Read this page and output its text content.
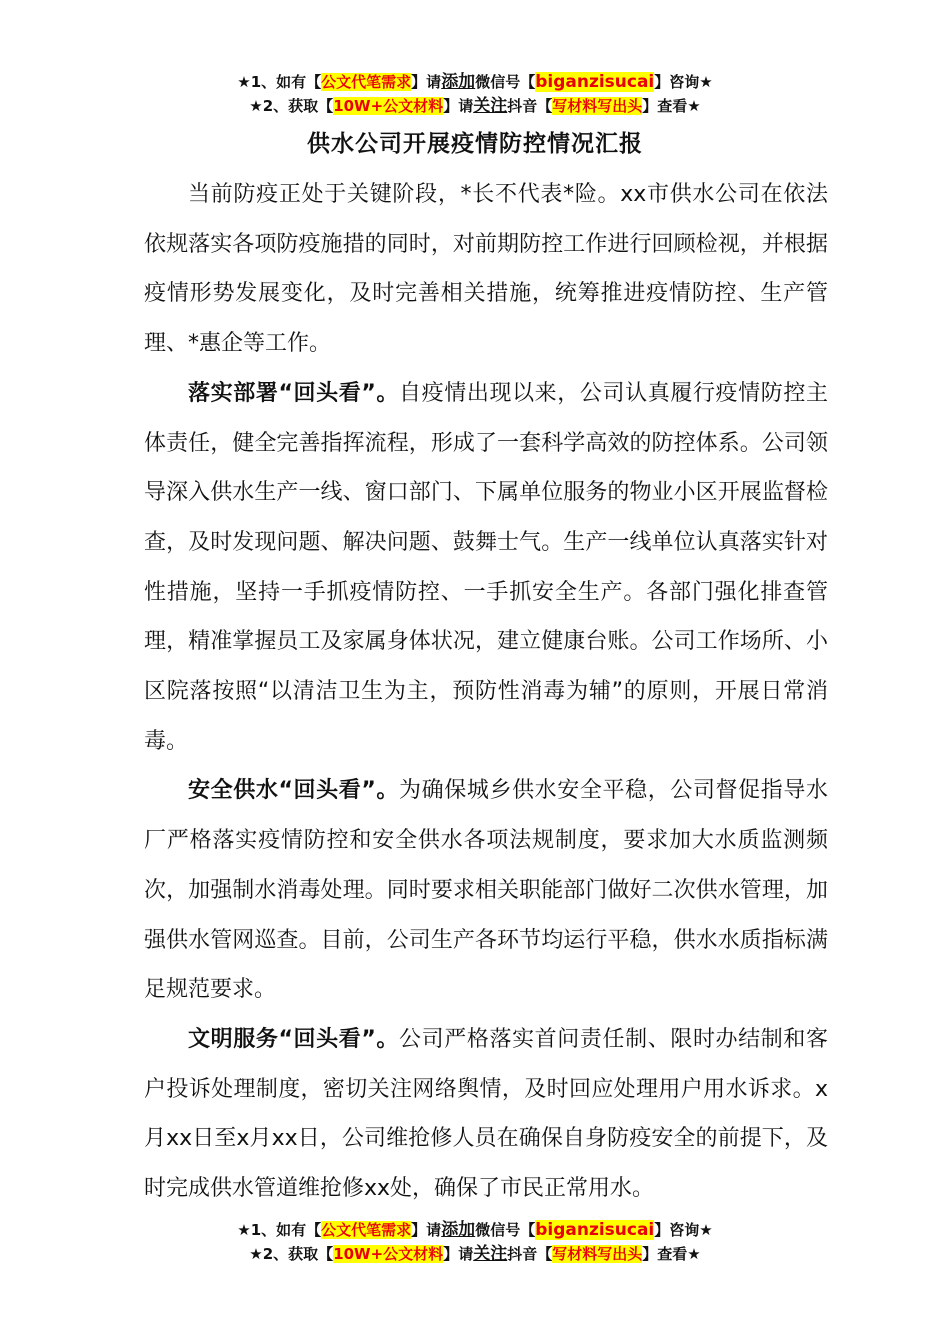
★1、如有【公文代笔需求】请添加微信号【biganzisucai】咨询★
★2、获取【10W+公文材料】请关注抖音【写材料写出头】查看★
供水公司开展疫情防控情况汇报

当前防疫正处于关键阶段，*长不代表*险。xx市供水公司在依法依规落实各项防疫施措的同时，对前期防控工作进行回顾检视，并根据疫情形势发展变化，及时完善相关措施，统筹推进疫情防控、生产管理、*惠企等工作。

落实部署“回头看”。自疫情出现以来，公司认真履行疫情防控主体责任，健全完善指挥流程，形成了一套科学高效的防控体系。公司领导深入供水生产一线、窗口部门、下属单位服务的物业小区开展监督检查，及时发现问题、解决问题、鼓舞士气。生产一线单位认真落实针对性措施，坚持一手抓疫情防控、一手抓安全生产。各部门强化排查管理，精准掌握员工及家属身体状况，建立健康台账。公司工作场所、小区院落按照“以清洁卫生为主，预防性消毒为辅”的原则，开展日常消毒。

安全供水“回头看”。为确保城乡供水安全平稳，公司督促指导水厂严格落实疫情防控和安全供水各项法规制度，要求加大水质监测频次，加强制水消毒处理。同时要求相关职能部门做好二次供水管理，加强供水管网巡查。目前，公司生产各环节均运行平稳，供水水质指标满足规范要求。

文明服务“回头看”。公司严格落实首问责任制、限时办结制和客户投诉处理制度，密切关注网络舆情，及时回应处理用户用水诉求。x月xx日至x月xx日，公司维抢修人员在确保自身防疫安全的前提下，及时完成供水管道维抢修xx处，确保了市民正常用水。

★1、如有【公文代笔需求】请添加微信号【biganzisucai】咨询★
★2、获取【10W+公文材料】请关注抖音【写材料写出头】查看★
